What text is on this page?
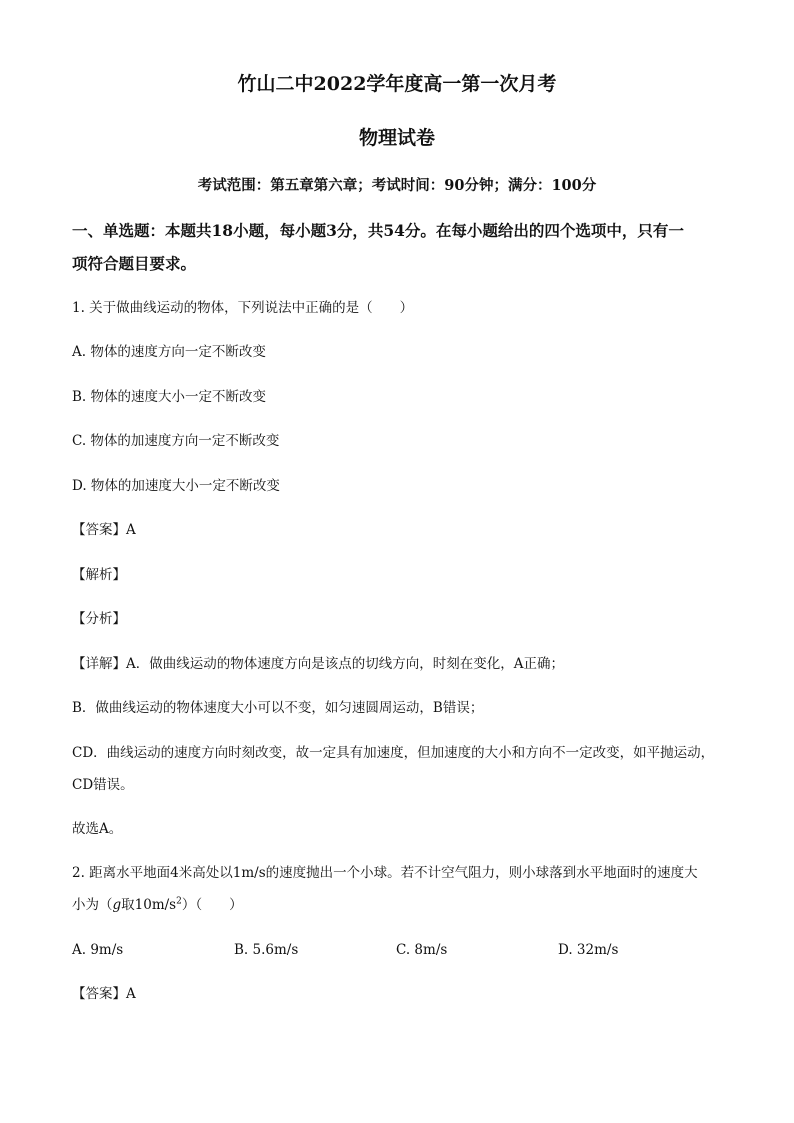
竹山二中2022学年度高一第一次月考
物理试卷
考试范围：第五章第六章；考试时间：90分钟；满分：100分
一、单选题：本题共18小题，每小题3分，共54分。在每小题给出的四个选项中，只有一
项符合题目要求。
1. 关于做曲线运动的物体，下列说法中正确的是（　　）
A. 物体的速度方向一定不断改变
B. 物体的速度大小一定不断改变
C. 物体的加速度方向一定不断改变
D. 物体的加速度大小一定不断改变
【答案】A
【解析】
【分析】
【详解】A．做曲线运动的物体速度方向是该点的切线方向，时刻在变化，A正确；
B．做曲线运动的物体速度大小可以不变，如匀速圆周运动，B错误；
CD．曲线运动的速度方向时刻改变，故一定具有加速度，但加速度的大小和方向不一定改变，如平抛运动，
CD错误。
故选A。
2. 距离水平地面4米高处以1m/s的速度抛出一个小球。若不计空气阻力，则小球落到水平地面时的速度大
小为（g取$10m/s^2$）（　　）
A. 9m/s	B. 5.6m/s	C. 8m/s	D. 32m/s
【答案】A
